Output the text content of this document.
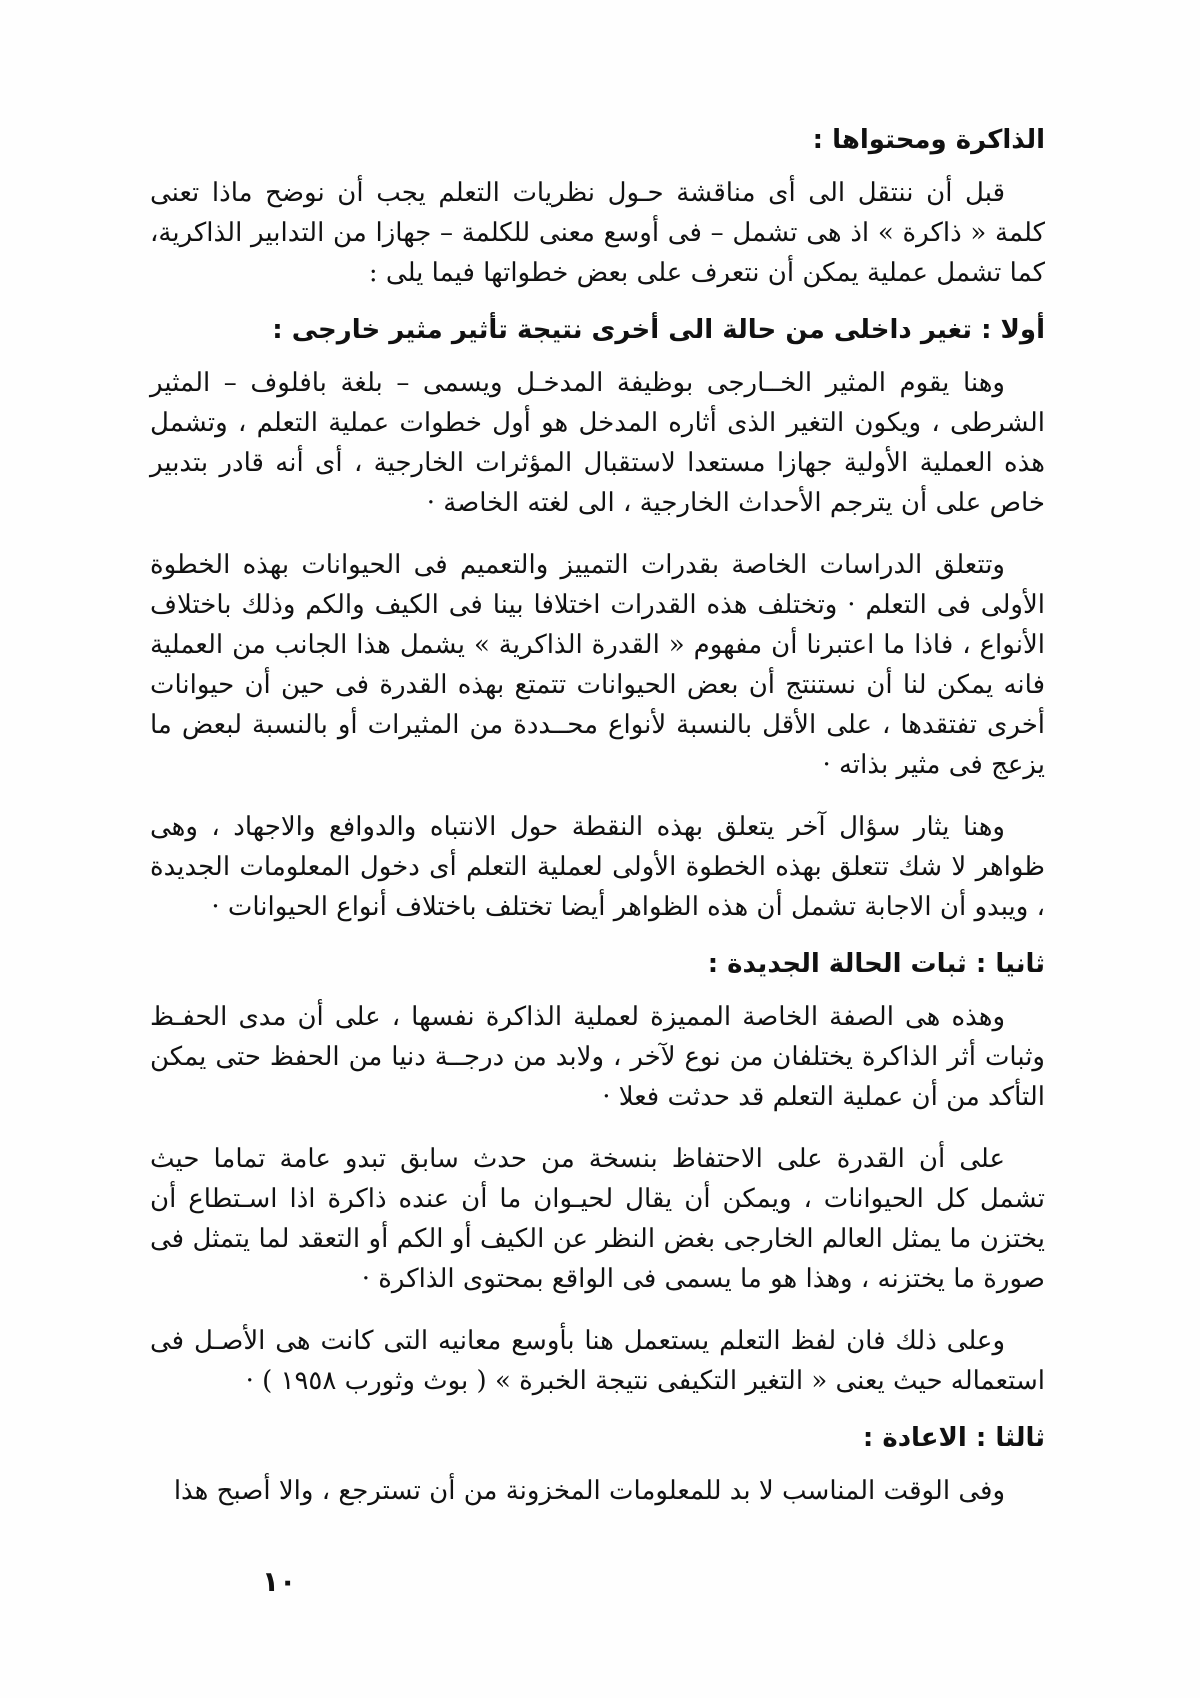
الذاكرة ومحتواها :

قبل أن ننتقل الى أى مناقشة حـول نظريات التعلم يجب أن نوضح ماذا تعنى كلمة « ذاكرة » اذ هى تشمل – فى أوسع معنى للكلمة – جهازا من التدابير الذاكرية، كما تشمل عملية يمكن أن نتعرف على بعض خطواتها فيما يلى :

أولا : تغير داخلى من حالة الى أخرى نتيجة تأثير مثير خارجى :

وهنا يقوم المثير الخــارجى بوظيفة المدخـل ويسمى – بلغة بافلوف – المثير الشرطى ، ويكون التغير الذى أثاره المدخل هو أول خطوات عملية التعلم ، وتشمل هذه العملية الأولية جهازا مستعدا لاستقبال المؤثرات الخارجية ، أى أنه قادر بتدبير خاص على أن يترجم الأحداث الخارجية ، الى لغته الخاصة ·

وتتعلق الدراسات الخاصة بقدرات التمييز والتعميم فى الحيوانات بهذه الخطوة الأولى فى التعلم · وتختلف هذه القدرات اختلافا بينا فى الكيف والكم وذلك باختلاف الأنواع ، فاذا ما اعتبرنا أن مفهوم « القدرة الذاكرية » يشمل هذا الجانب من العملية فانه يمكن لنا أن نستنتج أن بعض الحيوانات تتمتع بهذه القدرة فى حين أن حيوانات أخرى تفتقدها ، على الأقل بالنسبة لأنواع محــددة من المثيرات أو بالنسبة لبعض ما يزعج فى مثير بذاته ·

وهنا يثار سؤال آخر يتعلق بهذه النقطة حول الانتباه والدوافع والاجهاد ، وهى ظواهر لا شك تتعلق بهذه الخطوة الأولى لعملية التعلم أى دخول المعلومات الجديدة ، ويبدو أن الاجابة تشمل أن هذه الظواهر أيضا تختلف باختلاف أنواع الحيوانات ·

ثانيا : ثبات الحالة الجديدة :

وهذه هى الصفة الخاصة المميزة لعملية الذاكرة نفسها ، على أن مدى الحفـظ وثبات أثر الذاكرة يختلفان من نوع لآخر ، ولابد من درجــة دنيا من الحفظ حتى يمكن التأكد من أن عملية التعلم قد حدثت فعلا ·

على أن القدرة على الاحتفاظ بنسخة من حدث سابق تبدو عامة تماما حيث تشمل كل الحيوانات ، ويمكن أن يقال لحيـوان ما أن عنده ذاكرة اذا اسـتطاع أن يختزن ما يمثل العالم الخارجى بغض النظر عن الكيف أو الكم أو التعقد لما يتمثل فى صورة ما يختزنه ، وهذا هو ما يسمى فى الواقع بمحتوى الذاكرة ·

وعلى ذلك فان لفظ التعلم يستعمل هنا بأوسع معانيه التى كانت هى الأصـل فى استعماله حيث يعنى « التغير التكيفى نتيجة الخبرة » ( بوث وثورب ١٩٥٨ ) ·

ثالثا : الاعادة :

وفى الوقت المناسب لا بد للمعلومات المخزونة من أن تسترجع ، والا أصبح هذا

١٠
